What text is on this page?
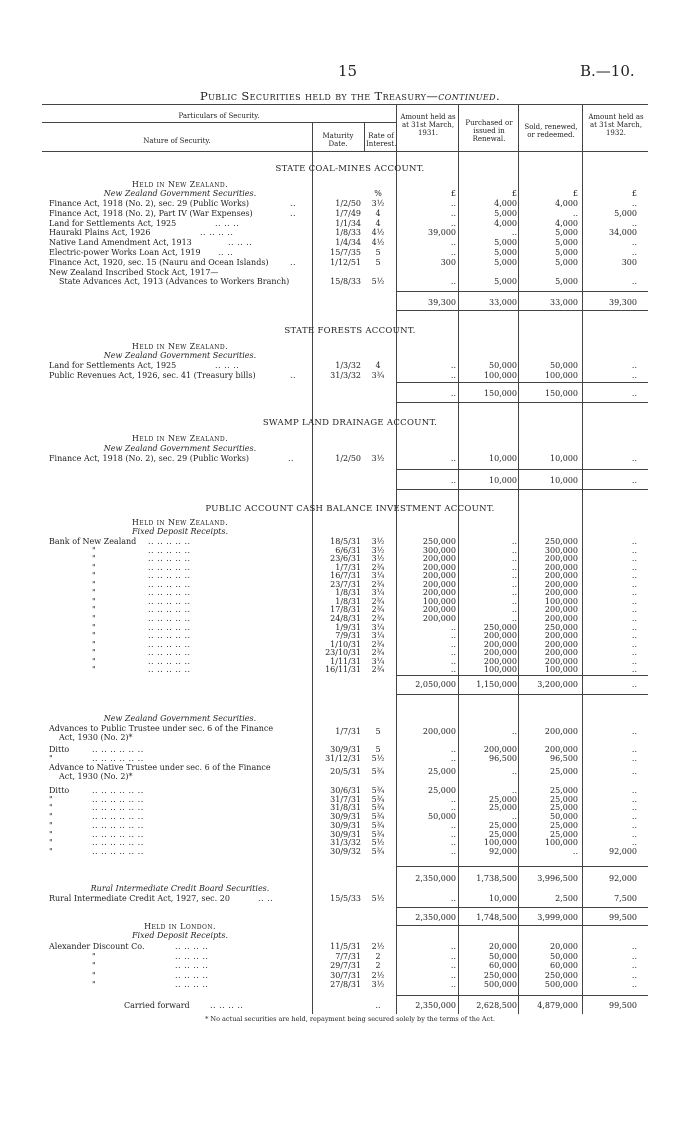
15	B.—10.
Public Securities held by the Treasury—continued.
Particulars of Security.
Nature of Security.
Maturity Date.
Rate of Interest.
Amount held as at 31st March, 1931.
Purchased or issued in Renewal.
Sold, renewed, or redeemed.
Amount held as at 31st March, 1932.
STATE COAL-MINES ACCOUNT.
Held in New Zealand.
New Zealand Government Securities.	%	£	£	£	£
Finance Act, 1918 (No. 2), sec. 29 (Public Works)	..	1/2/50	3½	..	4,000	4,000	..
Finance Act, 1918 (No. 2), Part IV (War Expenses)	..	1/7/49	4	..	5,000	..	5,000
Land for Settlements Act, 1925	.. .. ..	1/1/34	4	..	4,000	4,000	..
Hauraki Plains Act, 1926	.. .. .. ..	1/8/33	4½	39,000	..	5,000	34,000
Native Land Amendment Act, 1913	.. .. ..	1/4/34	4½	..	5,000	5,000	..
Electric-power Works Loan Act, 1919	.. ..	15/7/35	5	..	5,000	5,000	..
Finance Act, 1920, sec. 15 (Nauru and Ocean Islands)	..	1/12/51	5	300	5,000	5,000	300
New Zealand Inscribed Stock Act, 1917—
State Advances Act, 1913 (Advances to Workers Branch)	15/8/33	5½	..	5,000	5,000	..
39,300	33,000	33,000	39,300
STATE FORESTS ACCOUNT.
Held in New Zealand.
New Zealand Government Securities.
Land for Settlements Act, 1925	.. .. ..	1/3/32	4	..	50,000	50,000	..
Public Revenues Act, 1926, sec. 41 (Treasury bills)	..	31/3/32	3¾	..	100,000	100,000	..
..	150,000	150,000	..
SWAMP LAND DRAINAGE ACCOUNT.
Held in New Zealand.
New Zealand Government Securities.
Finance Act, 1918 (No. 2), sec. 29 (Public Works)	..	1/2/50	3½	..	10,000	10,000	..
..	10,000	10,000	..
PUBLIC ACCOUNT CASH BALANCE INVESTMENT ACCOUNT.
Held in New Zealand.
Fixed Deposit Receipts.
Bank of New Zealand	.. .. .. .. ..	18/5/31	3½	250,000	..	250,000	..
"	.. .. .. .. ..	6/6/31	3½	300,000	..	300,000	..
"	.. .. .. .. ..	23/6/31	3½	200,000	..	200,000	..
"	.. .. .. .. ..	1/7/31	2¾	200,000	..	200,000	..
"	.. .. .. .. ..	16/7/31	3¼	200,000	..	200,000	..
"	.. .. .. .. ..	23/7/31	2¾	200,000	..	200,000	..
"	.. .. .. .. ..	1/8/31	3¼	200,000	..	200,000	..
"	.. .. .. .. ..	1/8/31	2¾	100,000	..	100,000	..
"	.. .. .. .. ..	17/8/31	2¾	200,000	..	200,000	..
"	.. .. .. .. ..	24/8/31	2¾	200,000	..	200,000	..
"	.. .. .. .. ..	1/9/31	3¼	..	250,000	250,000	..
"	.. .. .. .. ..	7/9/31	3¼	..	200,000	200,000	..
"	.. .. .. .. ..	1/10/31	2¾	..	200,000	200,000	..
"	.. .. .. .. ..	23/10/31	2¾	..	200,000	200,000	..
"	.. .. .. .. ..	1/11/31	3¼	..	200,000	200,000	..
"	.. .. .. .. ..	16/11/31	2¾	..	100,000	100,000	..
2,050,000	1,150,000	3,200,000	..
New Zealand Government Securities.
Advances to Public Trustee under sec. 6 of the Finance
Act, 1930 (No. 2)*
1/7/31	5	200,000	..	200,000	..
Ditto	.. .. .. .. .. ..	30/9/31	5	..	200,000	200,000	..
"	.. .. .. .. .. ..	31/12/31	5½	..	96,500	96,500	..
Advance to Native Trustee under sec. 6 of the Finance
Act, 1930 (No. 2)*
20/5/31	5¾	25,000	..	25,000	..
Ditto	.. .. .. .. .. ..	30/6/31	5¾	25,000	..	25,000	..
"	.. .. .. .. .. ..	31/7/31	5¾	..	25,000	25,000	..
"	.. .. .. .. .. ..	31/8/31	5¾	..	25,000	25,000	..
"	.. .. .. .. .. ..	30/9/31	5¾	50,000	..	50,000	..
"	.. .. .. .. .. ..	30/9/31	5¾	..	25,000	25,000	..
"	.. .. .. .. .. ..	30/9/31	5¾	..	25,000	25,000	..
"	.. .. .. .. .. ..	31/3/32	5½	..	100,000	100,000	..
"	.. .. .. .. .. ..	30/9/32	5¾	..	92,000	..	92,000
2,350,000	1,738,500	3,996,500	92,000
Rural Intermediate Credit Board Securities.
Rural Intermediate Credit Act, 1927, sec. 20	.. ..	15/5/33	5½	..	10,000	2,500	7,500
2,350,000	1,748,500	3,999,000	99,500
Held in London.
Fixed Deposit Receipts.
Alexander Discount Co.	.. .. .. ..	11/5/31	2½	..	20,000	20,000	..
"	.. .. .. ..	7/7/31	2	..	50,000	50,000	..
"	.. .. .. ..	29/7/31	2	..	60,000	60,000	..
"	.. .. .. ..	30/7/31	2½	..	250,000	250,000	..
"	.. .. .. ..	27/8/31	3½	..	500,000	500,000	..
Carried forward	.. .. .. ..	..	2,350,000	2,628,500	4,879,000	99,500
* No actual securities are held, repayment being secured solely by the terms of the Act.
